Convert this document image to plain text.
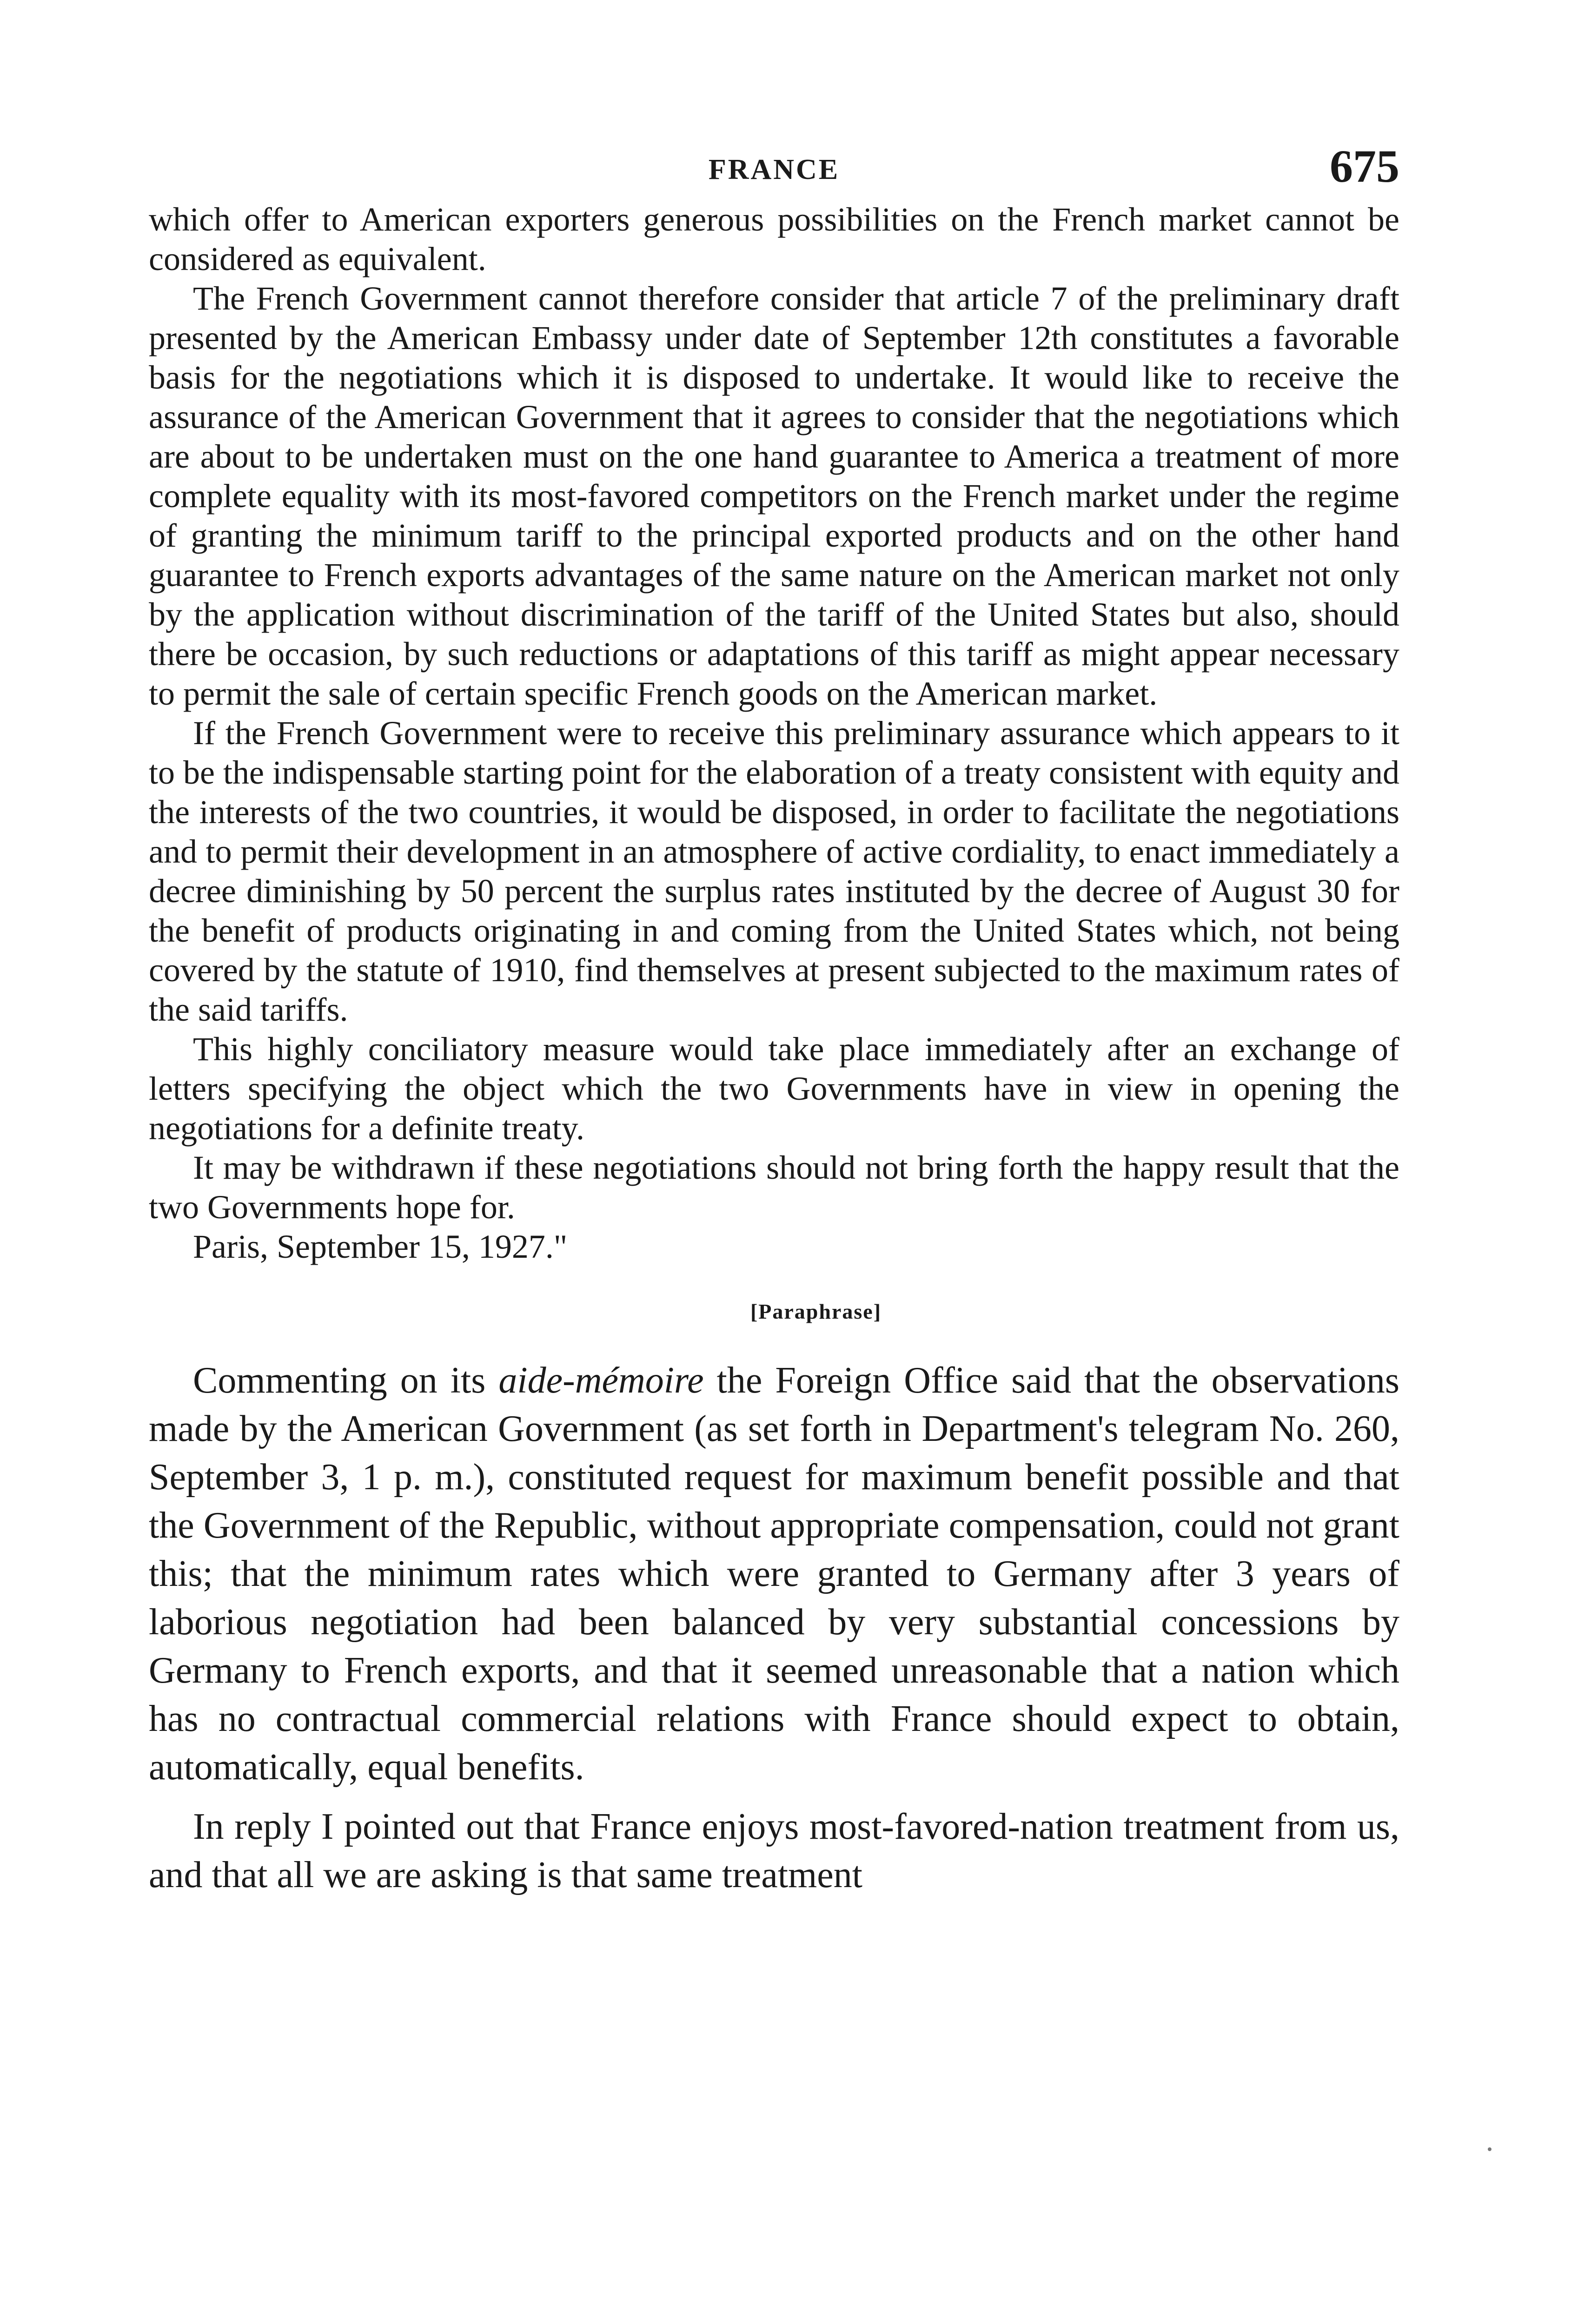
FRANCE	675

which offer to American exporters generous possibilities on the French market cannot be considered as equivalent.

The French Government cannot therefore consider that article 7 of the preliminary draft presented by the American Embassy under date of September 12th constitutes a favorable basis for the negotiations which it is disposed to undertake. It would like to receive the assurance of the American Government that it agrees to consider that the negotiations which are about to be undertaken must on the one hand guarantee to America a treatment of more complete equality with its most-favored competitors on the French market under the regime of granting the minimum tariff to the principal exported products and on the other hand guarantee to French exports advantages of the same nature on the American market not only by the application without discrimination of the tariff of the United States but also, should there be occasion, by such reductions or adaptations of this tariff as might appear necessary to permit the sale of certain specific French goods on the American market.

If the French Government were to receive this preliminary assurance which appears to it to be the indispensable starting point for the elaboration of a treaty consistent with equity and the interests of the two countries, it would be disposed, in order to facilitate the negotiations and to permit their development in an atmosphere of active cordiality, to enact immediately a decree diminishing by 50 percent the surplus rates instituted by the decree of August 30 for the benefit of products originating in and coming from the United States which, not being covered by the statute of 1910, find themselves at present subjected to the maximum rates of the said tariffs.

This highly conciliatory measure would take place immediately after an exchange of letters specifying the object which the two Governments have in view in opening the negotiations for a definite treaty.

It may be withdrawn if these negotiations should not bring forth the happy result that the two Governments hope for.

Paris, September 15, 1927."

[Paraphrase]

Commenting on its aide-mémoire the Foreign Office said that the observations made by the American Government (as set forth in Department's telegram No. 260, September 3, 1 p. m.), constituted request for maximum benefit possible and that the Government of the Republic, without appropriate compensation, could not grant this; that the minimum rates which were granted to Germany after 3 years of laborious negotiation had been balanced by very substantial concessions by Germany to French exports, and that it seemed unreasonable that a nation which has no contractual commercial relations with France should expect to obtain, automatically, equal benefits.

In reply I pointed out that France enjoys most-favored-nation treatment from us, and that all we are asking is that same treatment
